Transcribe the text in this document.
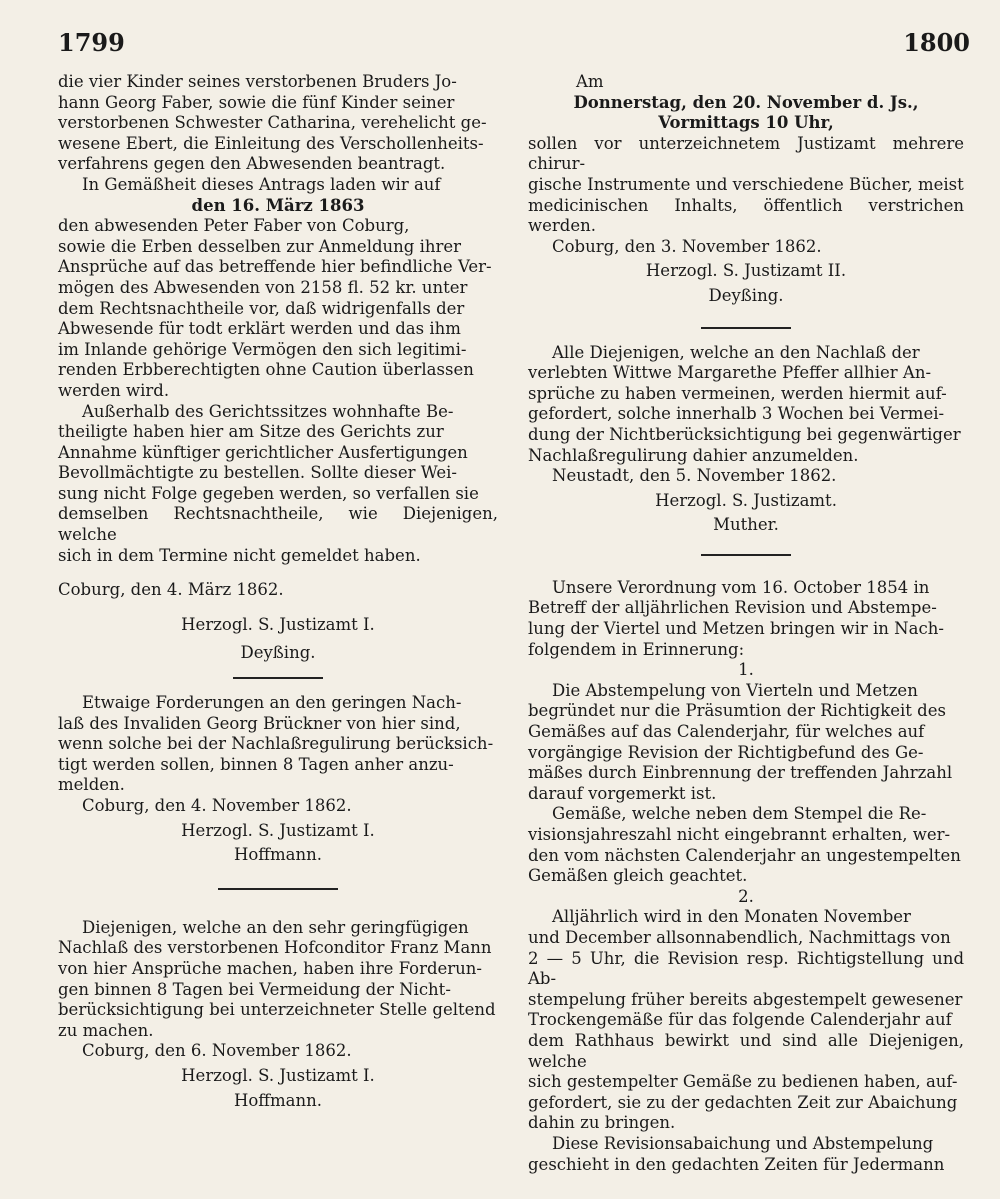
1799	1800
die vier Kinder seines verstorbenen Bruders Jo-
hann Georg Faber, sowie die fünf Kinder seiner
verstorbenen Schwester Catharina, verehelicht ge-
wesene Ebert, die Einleitung des Verschollenheits-
verfahrens gegen den Abwesenden beantragt.
In Gemäßheit dieses Antrags laden wir auf
den 16. März 1863
den abwesenden Peter Faber von Coburg,
sowie die Erben desselben zur Anmeldung ihrer
Ansprüche auf das betreffende hier befindliche Ver-
mögen des Abwesenden von 2158 fl. 52 kr. unter
dem Rechtsnachtheile vor, daß widrigenfalls der
Abwesende für todt erklärt werden und das ihm
im Inlande gehörige Vermögen den sich legitimi-
renden Erbberechtigten ohne Caution überlassen
werden wird.
Außerhalb des Gerichtssitzes wohnhafte Be-
theiligte haben hier am Sitze des Gerichts zur
Annahme künftiger gerichtlicher Ausfertigungen
Bevollmächtigte zu bestellen. Sollte dieser Wei-
sung nicht Folge gegeben werden, so verfallen sie
demselben Rechtsnachtheile, wie Diejenigen, welche
sich in dem Termine nicht gemeldet haben.
Coburg, den 4. März 1862.
Herzogl. S. Justizamt I.
Deyßing.
Etwaige Forderungen an den geringen Nach-
laß des Invaliden Georg Brückner von hier sind,
wenn solche bei der Nachlaßregulirung berücksich-
tigt werden sollen, binnen 8 Tagen anher anzu-
melden.
Coburg, den 4. November 1862.
Herzogl. S. Justizamt I.
Hoffmann.
Diejenigen, welche an den sehr geringfügigen
Nachlaß des verstorbenen Hofconditor Franz Mann
von hier Ansprüche machen, haben ihre Forderun-
gen binnen 8 Tagen bei Vermeidung der Nicht-
berücksichtigung bei unterzeichneter Stelle geltend
zu machen.
Coburg, den 6. November 1862.
Herzogl. S. Justizamt I.
Hoffmann.
Am
Donnerstag, den 20. November d. Js.,
Vormittags 10 Uhr,
sollen vor unterzeichnetem Justizamt mehrere chirur-
gische Instrumente und verschiedene Bücher, meist
medicinischen Inhalts, öffentlich verstrichen werden.
Coburg, den 3. November 1862.
Herzogl. S. Justizamt II.
Deyßing.
Alle Diejenigen, welche an den Nachlaß der
verlebten Wittwe Margarethe Pfeffer allhier An-
sprüche zu haben vermeinen, werden hiermit auf-
gefordert, solche innerhalb 3 Wochen bei Vermei-
dung der Nichtberücksichtigung bei gegenwärtiger
Nachlaßregulirung dahier anzumelden.
Neustadt, den 5. November 1862.
Herzogl. S. Justizamt.
Muther.
Unsere Verordnung vom 16. October 1854 in
Betreff der alljährlichen Revision und Abstempe-
lung der Viertel und Metzen bringen wir in Nach-
folgendem in Erinnerung:
1.
Die Abstempelung von Vierteln und Metzen
begründet nur die Präsumtion der Richtigkeit des
Gemäßes auf das Calenderjahr, für welches auf
vorgängige Revision der Richtigbefund des Ge-
mäßes durch Einbrennung der treffenden Jahrzahl
darauf vorgemerkt ist.
Gemäße, welche neben dem Stempel die Re-
visionsjahreszahl nicht eingebrannt erhalten, wer-
den vom nächsten Calenderjahr an ungestempelten
Gemäßen gleich geachtet.
2.
Alljährlich wird in den Monaten November
und December allsonnabendlich, Nachmittags von
2 — 5 Uhr, die Revision resp. Richtigstellung und Ab-
stempelung früher bereits abgestempelt gewesener
Trockengemäße für das folgende Calenderjahr auf
dem Rathhaus bewirkt und sind alle Diejenigen, welche
sich gestempelter Gemäße zu bedienen haben, auf-
gefordert, sie zu der gedachten Zeit zur Abaichung
dahin zu bringen.
Diese Revisionsabaichung und Abstempelung
geschieht in den gedachten Zeiten für Jedermann
